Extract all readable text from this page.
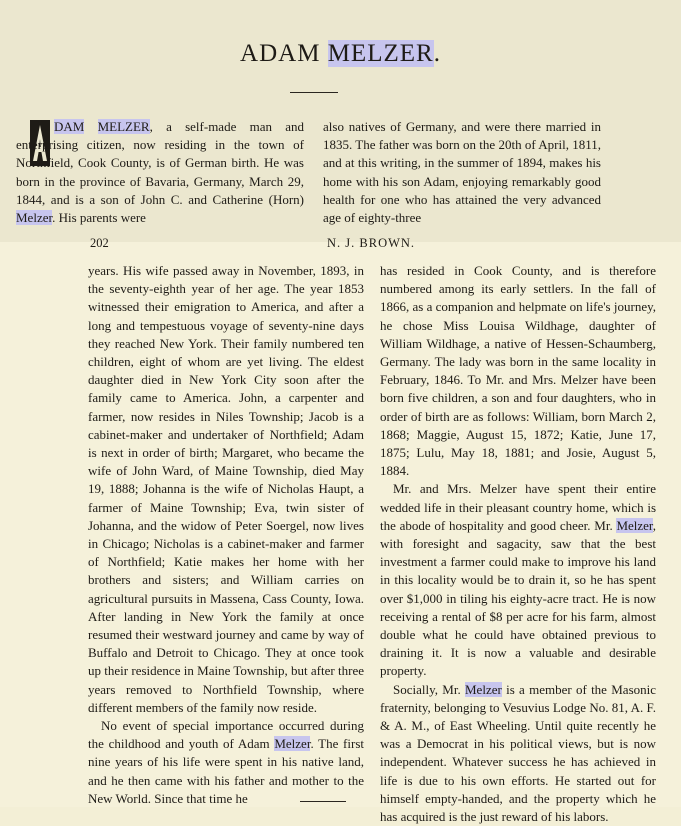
ADAM MELZER.

DAM MELZER, a self-made man and enterprising citizen, now residing in the town of Northfield, Cook County, is of German birth. He was born in the province of Bavaria, Germany, March 29, 1844, and is a son of John C. and Catherine (Horn) Melzer. His parents were

also natives of Germany, and were there married in 1835. The father was born on the 20th of April, 1811, and at this writing, in the summer of 1894, makes his home with his son Adam, enjoying remarkably good health for one who has attained the very advanced age of eighty-three

202	N. J. BROWN.

years. His wife passed away in November, 1893, in the seventy-eighth year of her age. The year 1853 witnessed their emigration to America, and after a long and tempestuous voyage of seventy-nine days they reached New York. Their family numbered ten children, eight of whom are yet living. The eldest daughter died in New York City soon after the family came to America. John, a carpenter and farmer, now resides in Niles Township; Jacob is a cabinet-maker and undertaker of Northfield; Adam is next in order of birth; Margaret, who became the wife of John Ward, of Maine Township, died May 19, 1888; Johanna is the wife of Nicholas Haupt, a farmer of Maine Township; Eva, twin sister of Johanna, and the widow of Peter Soergel, now lives in Chicago; Nicholas is a cabinet-maker and farmer of Northfield; Katie makes her home with her brothers and sisters; and William carries on agricultural pursuits in Massena, Cass County, Iowa. After landing in New York the family at once resumed their westward journey and came by way of Buffalo and Detroit to Chicago. They at once took up their residence in Maine Township, but after three years removed to Northfield Township, where different members of the family now reside.

No event of special importance occurred during the childhood and youth of Adam Melzer. The first nine years of his life were spent in his native land, and he then came with his father and mother to the New World. Since that time he

has resided in Cook County, and is therefore numbered among its early settlers. In the fall of 1866, as a companion and helpmate on life's journey, he chose Miss Louisa Wildhage, daughter of William Wildhage, a native of Hessen-Schaumberg, Germany. The lady was born in the same locality in February, 1846. To Mr. and Mrs. Melzer have been born five children, a son and four daughters, who in order of birth are as follows: William, born March 2, 1868; Maggie, August 15, 1872; Katie, June 17, 1875; Lulu, May 18, 1881; and Josie, August 5, 1884.

Mr. and Mrs. Melzer have spent their entire wedded life in their pleasant country home, which is the abode of hospitality and good cheer. Mr. Melzer, with foresight and sagacity, saw that the best investment a farmer could make to improve his land in this locality would be to drain it, so he has spent over $1,000 in tiling his eighty-acre tract. He is now receiving a rental of $8 per acre for his farm, almost double what he could have obtained previous to draining it. It is now a valuable and desirable property.

Socially, Mr. Melzer is a member of the Masonic fraternity, belonging to Vesuvius Lodge No. 81, A. F. & A. M., of East Wheeling. Until quite recently he was a Democrat in his political views, but is now independent. Whatever success he has achieved in life is due to his own efforts. He started out for himself empty-handed, and the property which he has acquired is the just reward of his labors.
